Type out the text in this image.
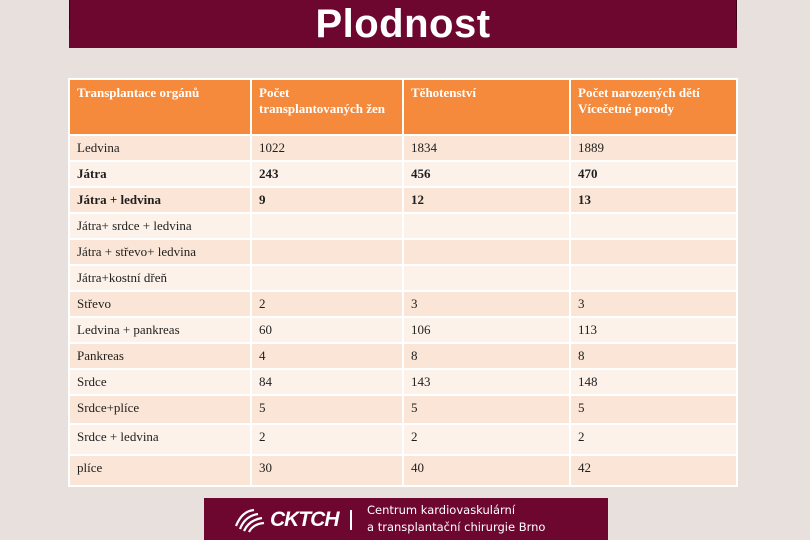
Plodnost
Transplantace orgánů	Počet transplantovaných žen	Těhotenství	Počet narozených dětí
Vícečetné porody

Ledvina	1022	1834	1889
Játra	243	456	470
Játra + ledvina	9	12	13
Játra+ srdce + ledvina			
Játra + střevo+ ledvina			
Játra+kostní dřeň			
Střevo	2	3	3
Ledvina + pankreas	60	106	113
Pankreas	4	8	8
Srdce	84	143	148
Srdce+plíce	5	5	5
Srdce + ledvina	2	2	2
plíce	30	40	42
CKTCH Centrum kardiovaskulární
a transplantační chirurgie Brno
